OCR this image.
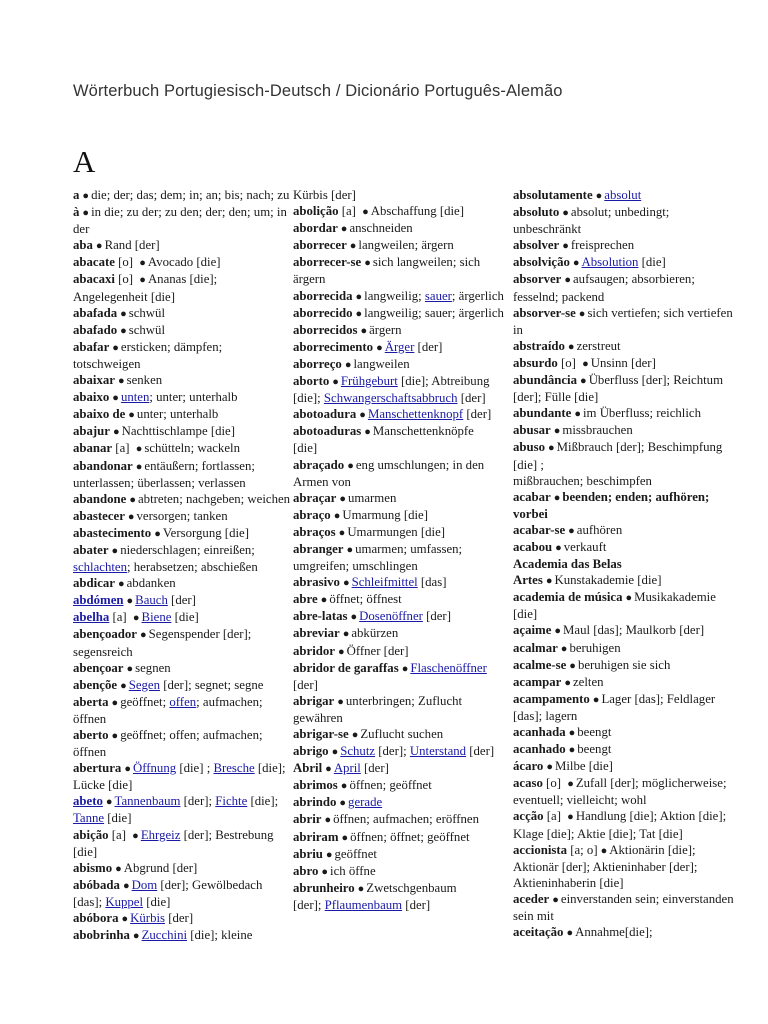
Wörterbuch Portugiesisch-Deutsch / Dicionário Português-Alemão
A
a ● die; der; das; dem; in; an; bis; nach; zu
à ● in die; zu der; zu den; der; den; um; in der
aba ● Rand [der]
abacate [o] ● Avocado [die]
abacaxi [o] ● Ananas [die]; Angelegenheit [die]
abafada ● schwül
abafado ● schwül
abafar ● ersticken; dämpfen; totschweigen
abaixar ● senken
abaixo ● unten; unter; unterhalb
abaixo de ● unter; unterhalb
abajur ● Nachttischlampe [die]
abanar [a] ● schütteln; wackeln
abandonar ● entäußern; fortlassen; unterlassen; überlassen; verlassen
abandone ● abtreten; nachgeben; weichen
abastecer ● versorgen; tanken
abastecimento ● Versorgung [die]
abater ● niederschlagen; einreißen; schlachten; herabsetzen; abschießen
abdicar ● abdanken
abdómen ● Bauch [der]
abelha [a] ● Biene [die]
abençoador ● Segenspender [der]; segensreich
abençoar ● segnen
abençõe ● Segen [der]; segnet; segne
aberta ● geöffnet; offen; aufmachen; öffnen
aberto ● geöffnet; offen; aufmachen; öffnen
abertura ● Öffnung [die] ; Bresche [die]; Lücke [die]
abeto ● Tannenbaum [der]; Fichte [die]; Tanne [die]
abição [a] ● Ehrgeiz [der]; Bestrebung [die]
abismo ● Abgrund [der]
abóbada ● Dom [der]; Gewölbedach [das]; Kuppel [die]
abóbora ● Kürbis [der]
abobrinha ● Zucchini [die]; kleine
Kürbis [der]
abolição [a] ● Abschaffung [die]
abordar ● anschneiden
aborrecer ● langweilen; ärgern
aborrecer-se ● sich langweilen; sich ärgern
aborrecida ● langweilig; sauer; ärgerlich
aborrecido ● langweilig; sauer; ärgerlich
aborrecidos ● ärgern
aborrecimento ● Ärger [der]
aborreço ● langweilen
aborto ● Frühgeburt [die]; Abtreibung [die]; Schwangerschaftsabbruch [der]
abotoadura ● Manschettenknopf [der]
abotoaduras ● Manschettenknöpfe
[die]
abraçado ● eng umschlungen; in den Armen von
abraçar ● umarmen
abraço ● Umarmung [die]
abraços ● Umarmungen [die]
abranger ● umarmen; umfassen; umgreifen; umschlingen
abrasivo ● Schleifmittel [das]
abre ● öffnet; öffnest
abre-latas ● Dosenöffner [der]
abreviar ● abkürzen
abridor ● Öffner [der]
abridor de garaffas ● Flaschenöffner [der]
abrigar ● unterbringen; Zuflucht gewähren
abrigar-se ● Zuflucht suchen
abrigo ● Schutz [der]; Unterstand [der]
Abril ● April [der]
abrimos ● öffnen; geöffnet
abrindo ● gerade
abrir ● öffnen; aufmachen; eröffnen
abriram ● öffnen; öffnet; geöffnet
abriu ● geöffnet
abro ● ich öffne
abrunheiro ● Zwetschgenbaum
[der]; Pflaumenbaum [der]
absolutamente ● absolut
absoluto ● absolut; unbedingt; unbeschränkt
absolver ● freisprechen
absolvição ● Absolution [die]
absorver ● aufsaugen; absorbieren; fesselnd; packend
absorver-se ● sich vertiefen; sich vertiefen in
abstraído ● zerstreut
absurdo [o] ● Unsinn [der]
abundância ● Überfluss [der]; Reichtum [der]; Fülle [die]
abundante ● im Überfluss; reichlich
abusar ● missbrauchen
abuso ● Mißbrauch [der]; Beschimpfung [die] ;
mißbrauchen; beschimpfen
acabar ● beenden; enden; aufhören; vorbei
acabar-se ● aufhören
acabou ● verkauft
Academia das Belas Artes ● Kunstakademie [die]
academia de música ● Musikakademie [die]
açaime ● Maul [das]; Maulkorb [der]
acalmar ● beruhigen
acalme-se ● beruhigen sie sich
acampar ● zelten
acampamento ● Lager [das]; Feldlager [das]; lagern
acanhada ● beengt
acanhado ● beengt
ácaro ● Milbe [die]
acaso [o] ● Zufall [der]; möglicherweise; eventuell; vielleicht; wohl
acção [a] ● Handlung [die]; Aktion [die]; Klage [die]; Aktie [die]; Tat [die]
accionista [a; o] ● Aktionärin [die]; Aktionär [der]; Aktieninhaber [der]; Aktieninhaberin [die]
aceder ● einverstanden sein; einverstanden sein mit
aceitação ● Annahme[die];
